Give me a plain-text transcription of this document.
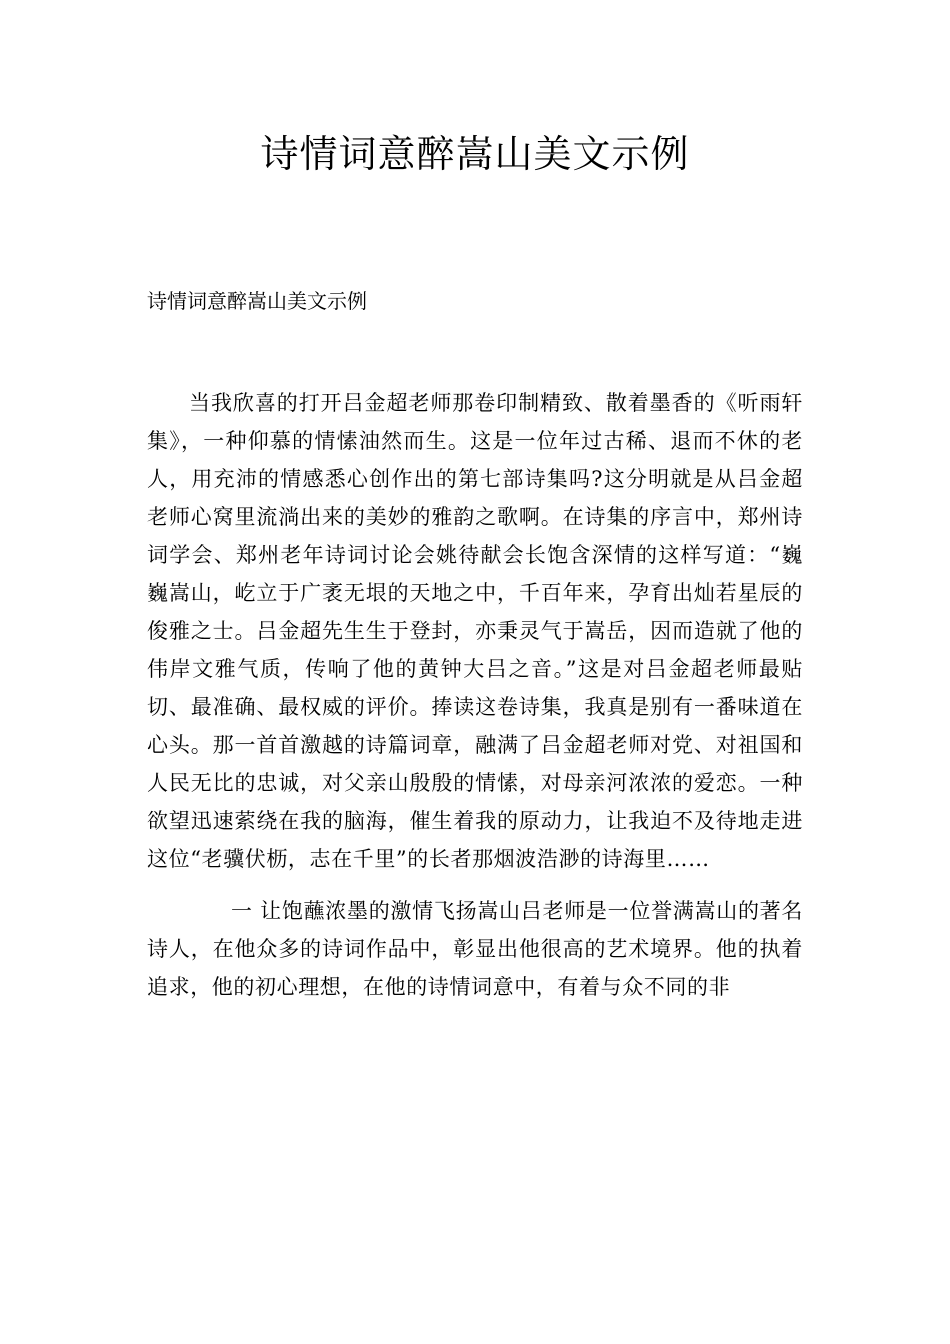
诗情词意醉嵩山美文示例

诗情词意醉嵩山美文示例

当我欣喜的打开吕金超老师那卷印制精致、散着墨香的《听雨轩集》，一种仰慕的情愫油然而生。这是一位年过古稀、退而不休的老人，用充沛的情感悉心创作出的第七部诗集吗?这分明就是从吕金超老师心窝里流淌出来的美妙的雅韵之歌啊。在诗集的序言中，郑州诗词学会、郑州老年诗词讨论会姚待献会长饱含深情的这样写道：“巍巍嵩山，屹立于广袤无垠的天地之中，千百年来，孕育出灿若星辰的俊雅之士。吕金超先生生于登封，亦秉灵气于嵩岳，因而造就了他的伟岸文雅气质，传响了他的黄钟大吕之音。”这是对吕金超老师最贴切、最准确、最权威的评价。捧读这卷诗集，我真是别有一番味道在心头。那一首首激越的诗篇词章，融满了吕金超老师对党、对祖国和人民无比的忠诚，对父亲山殷殷的情愫，对母亲河浓浓的爱恋。一种欲望迅速萦绕在我的脑海，催生着我的原动力，让我迫不及待地走进这位“老骥伏枥，志在千里”的长者那烟波浩渺的诗海里……

一 让饱蘸浓墨的激情飞扬嵩山吕老师是一位誉满嵩山的著名诗人，在他众多的诗词作品中，彰显出他很高的艺术境界。他的执着追求，他的初心理想，在他的诗情词意中，有着与众不同的非
